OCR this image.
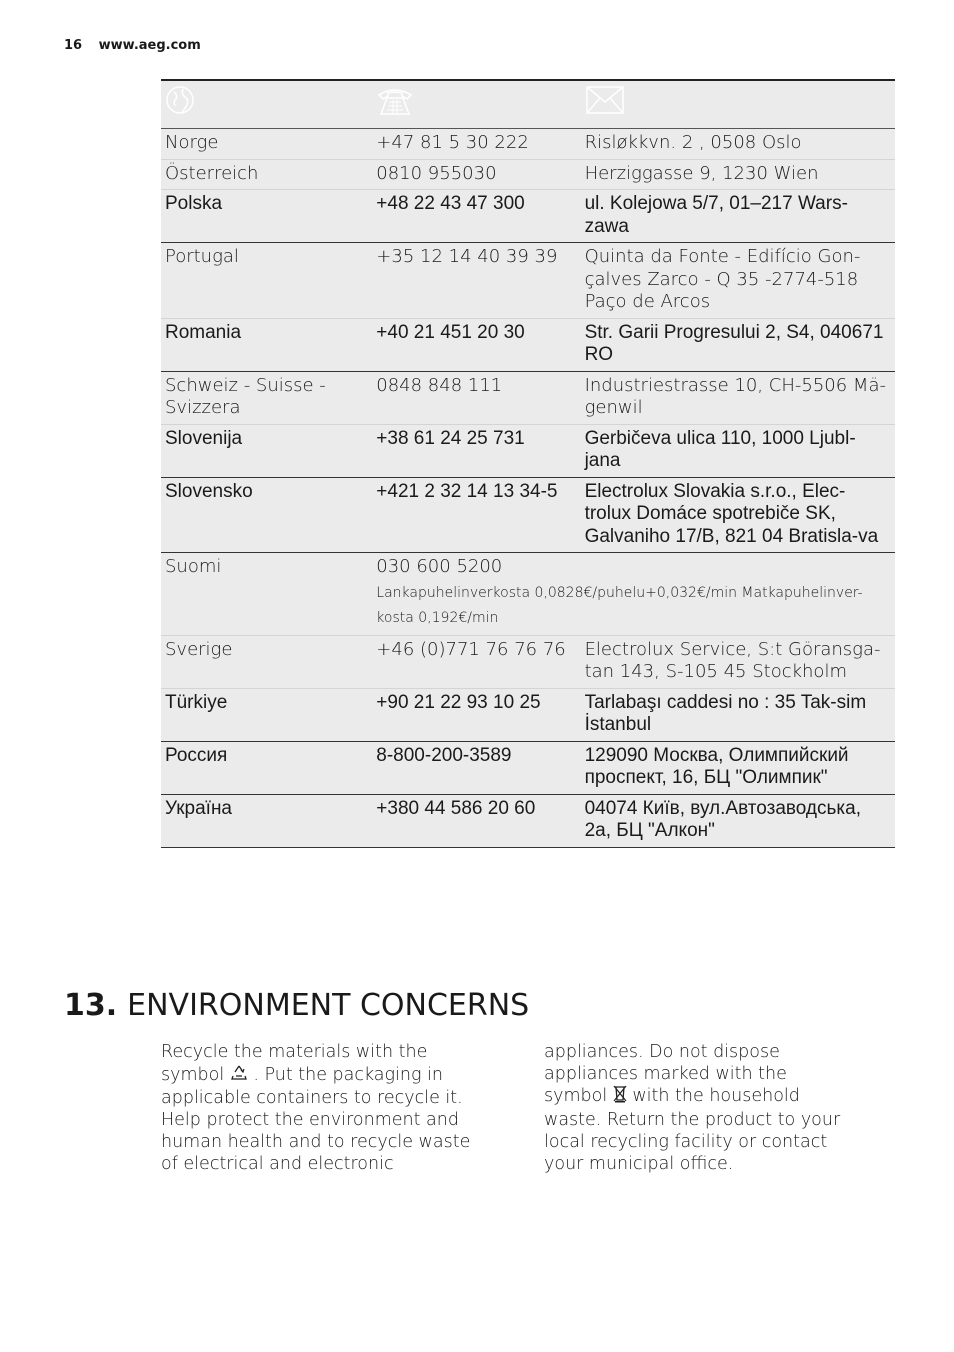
16 www.aeg.com

Norge	+47 81 5 30 222	Risløkkvn. 2 , 0508 Oslo
Österreich	0810 955030	Herziggasse 9, 1230 Wien
Polska	+48 22 43 47 300	ul. Kolejowa 5/7, 01–217 Wars-zawa
Portugal	+35 12 14 40 39 39	Quinta da Fonte - Edifício Gon-çalves Zarco - Q 35 -2774-518 Paço de Arcos
Romania	+40 21 451 20 30	Str. Garii Progresului 2, S4, 040671 RO
Schweiz - Suisse - Svizzera	0848 848 111	Industriestrasse 10, CH-5506 Mä-genwil
Slovenija	+38 61 24 25 731	Gerbičeva ulica 110, 1000 Ljubl-jana
Slovensko	+421 2 32 14 13 34-5	Electrolux Slovakia s.r.o., Elec-trolux Domáce spotrebiče SK, Galvaniho 17/B, 821 04 Bratisla-va
Suomi	030 600 5200
Lankapuhelinverkosta 0,0828€/puhelu+0,032€/min Matkapuhelinver-kosta 0,192€/min	

Sverige	+46 (0)771 76 76 76	Electrolux Service, S:t Göransga-tan 143, S-105 45 Stockholm
Türkiye	+90 21 22 93 10 25	Tarlabaşı caddesi no : 35 Tak-sim İstanbul
Россия	8-800-200-3589	129090 Москва, Олимпийский проспект, 16, БЦ "Олимпик"
Україна	+380 44 586 20 60	04074 Київ, вул.Автозаводська, 2а, БЦ "Алкон"
13. ENVIRONMENT CONCERNS
Recycle the materials with the symbol . Put the packaging in applicable containers to recycle it. Help protect the environment and human health and to recycle waste of electrical and electronic
appliances. Do not dispose appliances marked with the symbol with the household waste. Return the product to your local recycling facility or contact your municipal office.
